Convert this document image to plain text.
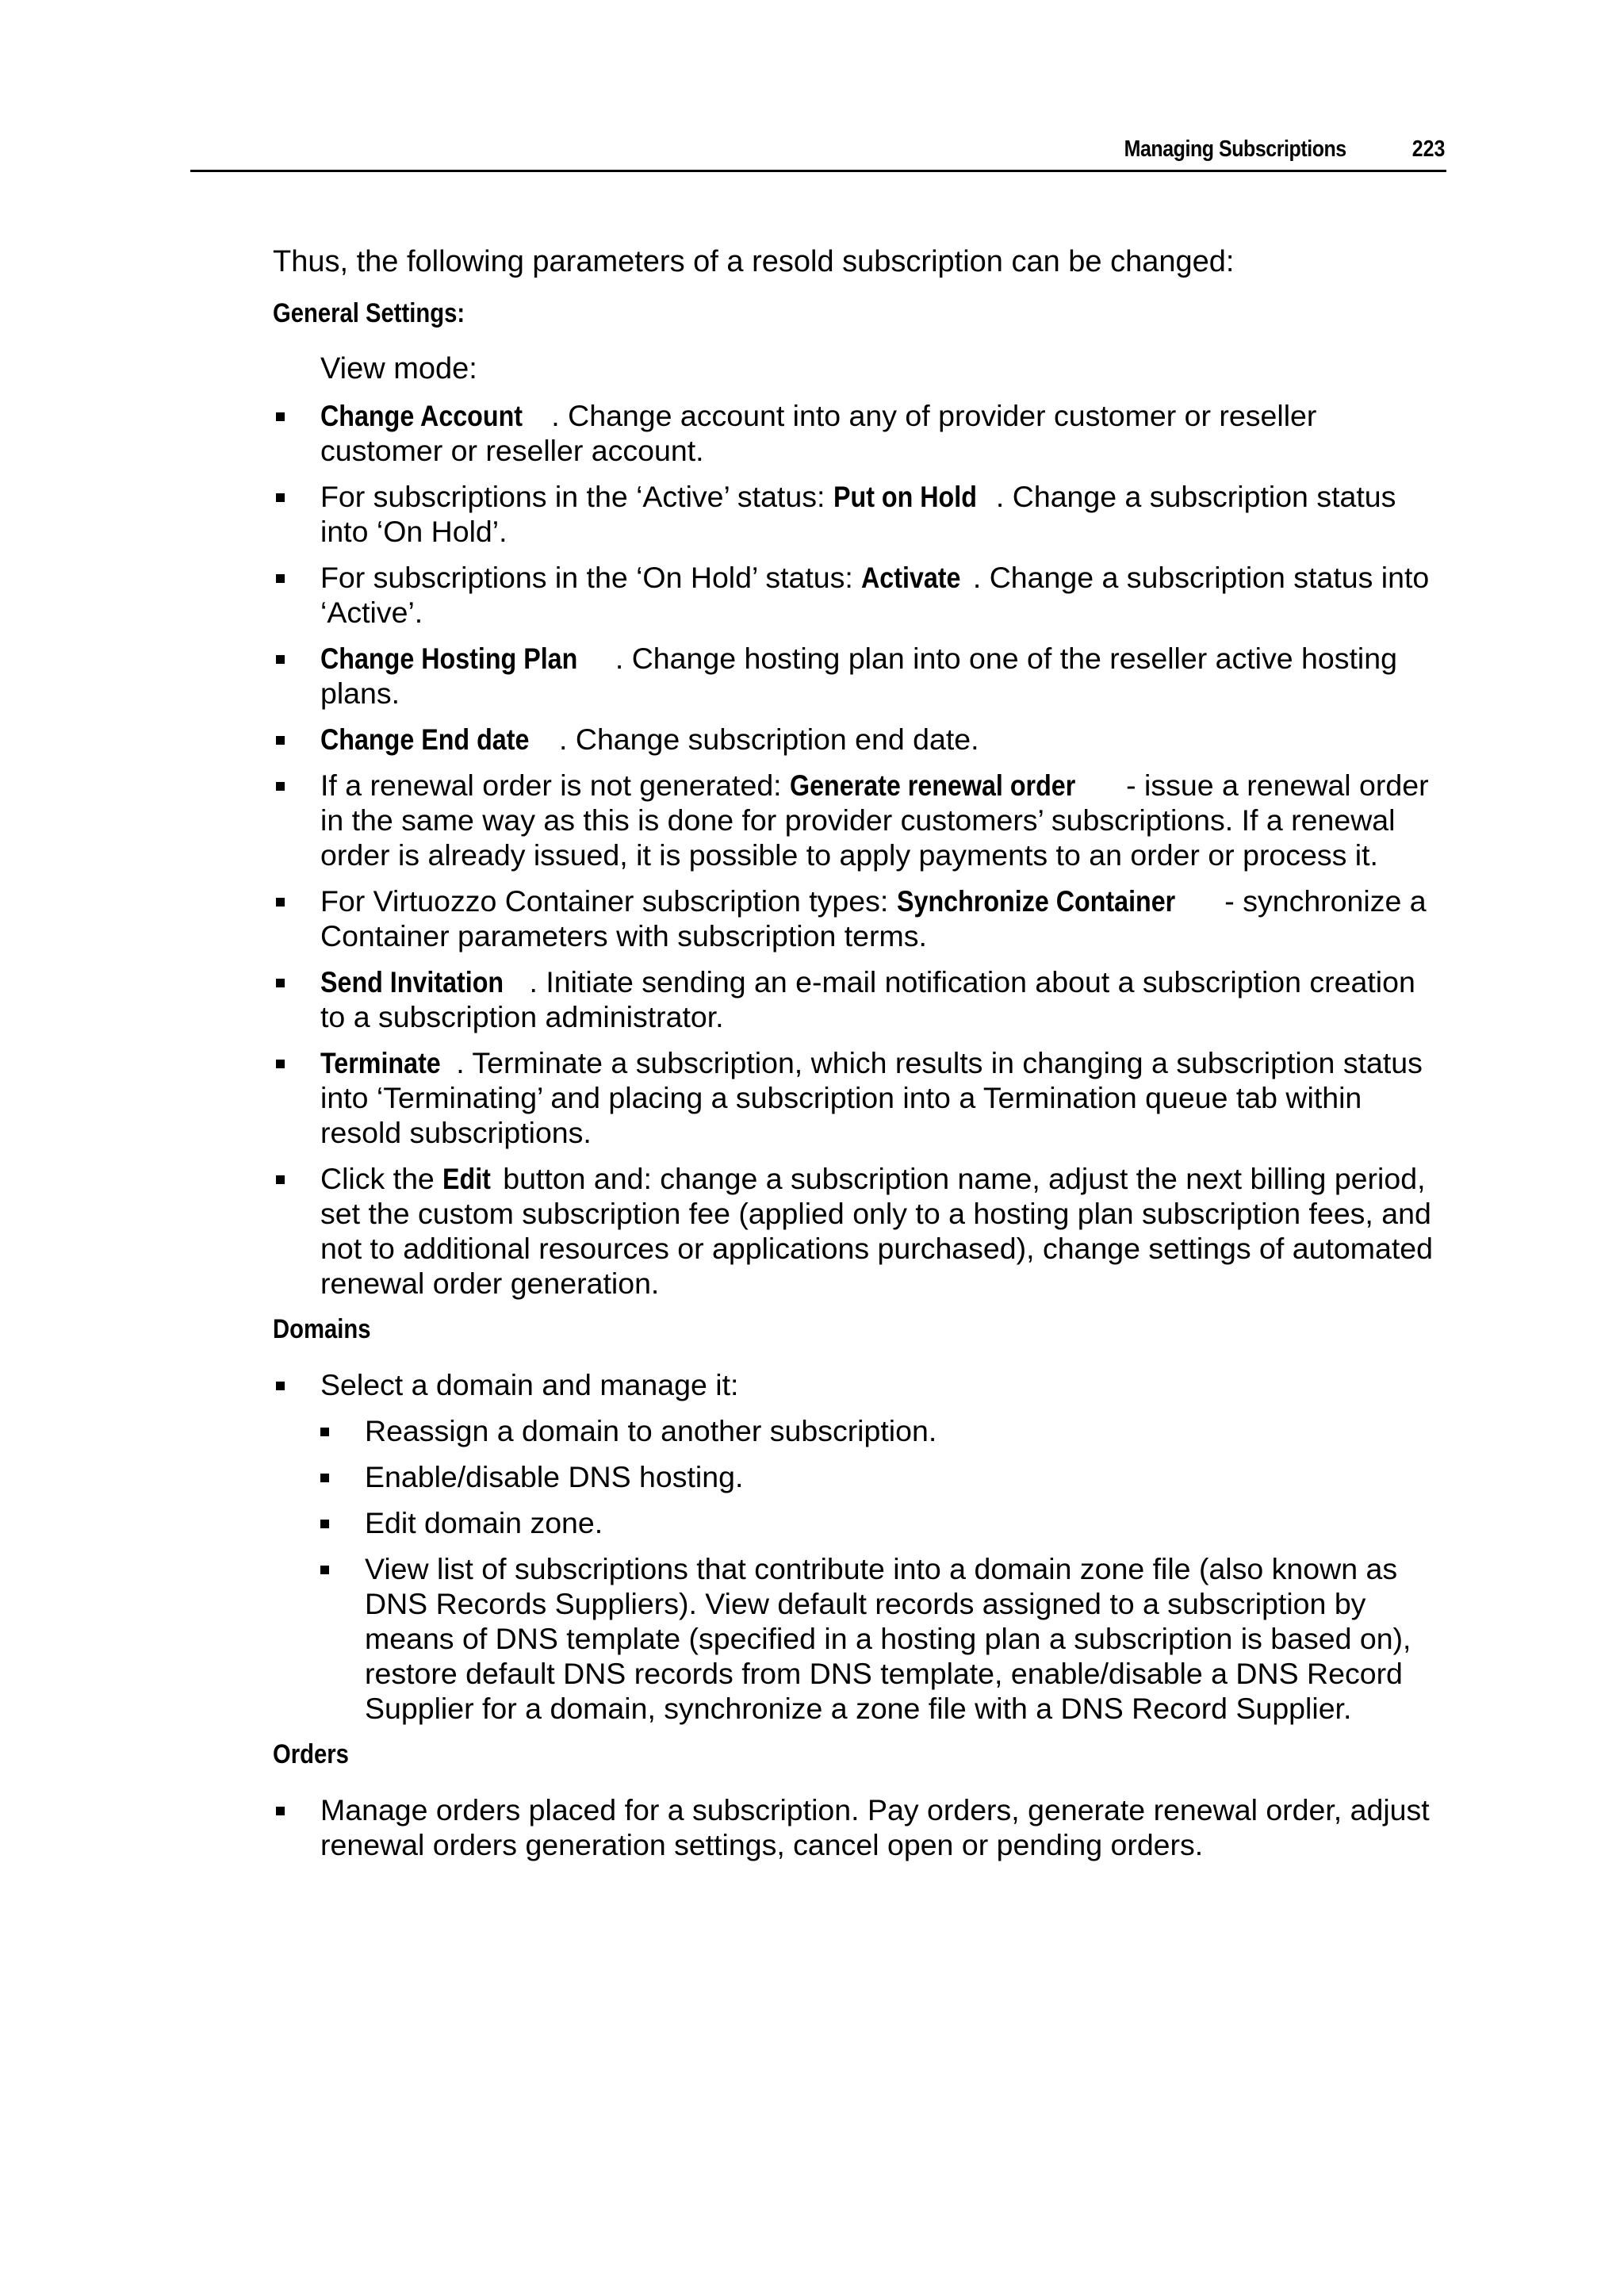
Managing Subscriptions	223

Thus, the following parameters of a resold subscription can be changed:

General Settings:

View mode:

Change Account . Change account into any of provider customer or reseller customer or reseller account.
For subscriptions in the ‘Active’ status: Put on Hold . Change a subscription status into ‘On Hold’.
For subscriptions in the ‘On Hold’ status: Activate . Change a subscription status into ‘Active’.
Change Hosting Plan . Change hosting plan into one of the reseller active hosting plans.
Change End date . Change subscription end date.
If a renewal order is not generated: Generate renewal order - issue a renewal order in the same way as this is done for provider customers’ subscriptions. If a renewal order is already issued, it is possible to apply payments to an order or process it.
For Virtuozzo Container subscription types: Synchronize Container - synchronize a Container parameters with subscription terms.
Send Invitation . Initiate sending an e-mail notification about a subscription creation to a subscription administrator.
Terminate . Terminate a subscription, which results in changing a subscription status into ‘Terminating’ and placing a subscription into a Termination queue tab within resold subscriptions.
Click the Edit button and: change a subscription name, adjust the next billing period, set the custom subscription fee (applied only to a hosting plan subscription fees, and not to additional resources or applications purchased), change settings of automated renewal order generation.
Domains
Select a domain and manage it:
Reassign a domain to another subscription.
Enable/disable DNS hosting.
Edit domain zone.
View list of subscriptions that contribute into a domain zone file (also known as DNS Records Suppliers). View default records assigned to a subscription by means of DNS template (specified in a hosting plan a subscription is based on), restore default DNS records from DNS template, enable/disable a DNS Record Supplier for a domain, synchronize a zone file with a DNS Record Supplier.
Orders
Manage orders placed for a subscription. Pay orders, generate renewal order, adjust renewal orders generation settings, cancel open or pending orders.
